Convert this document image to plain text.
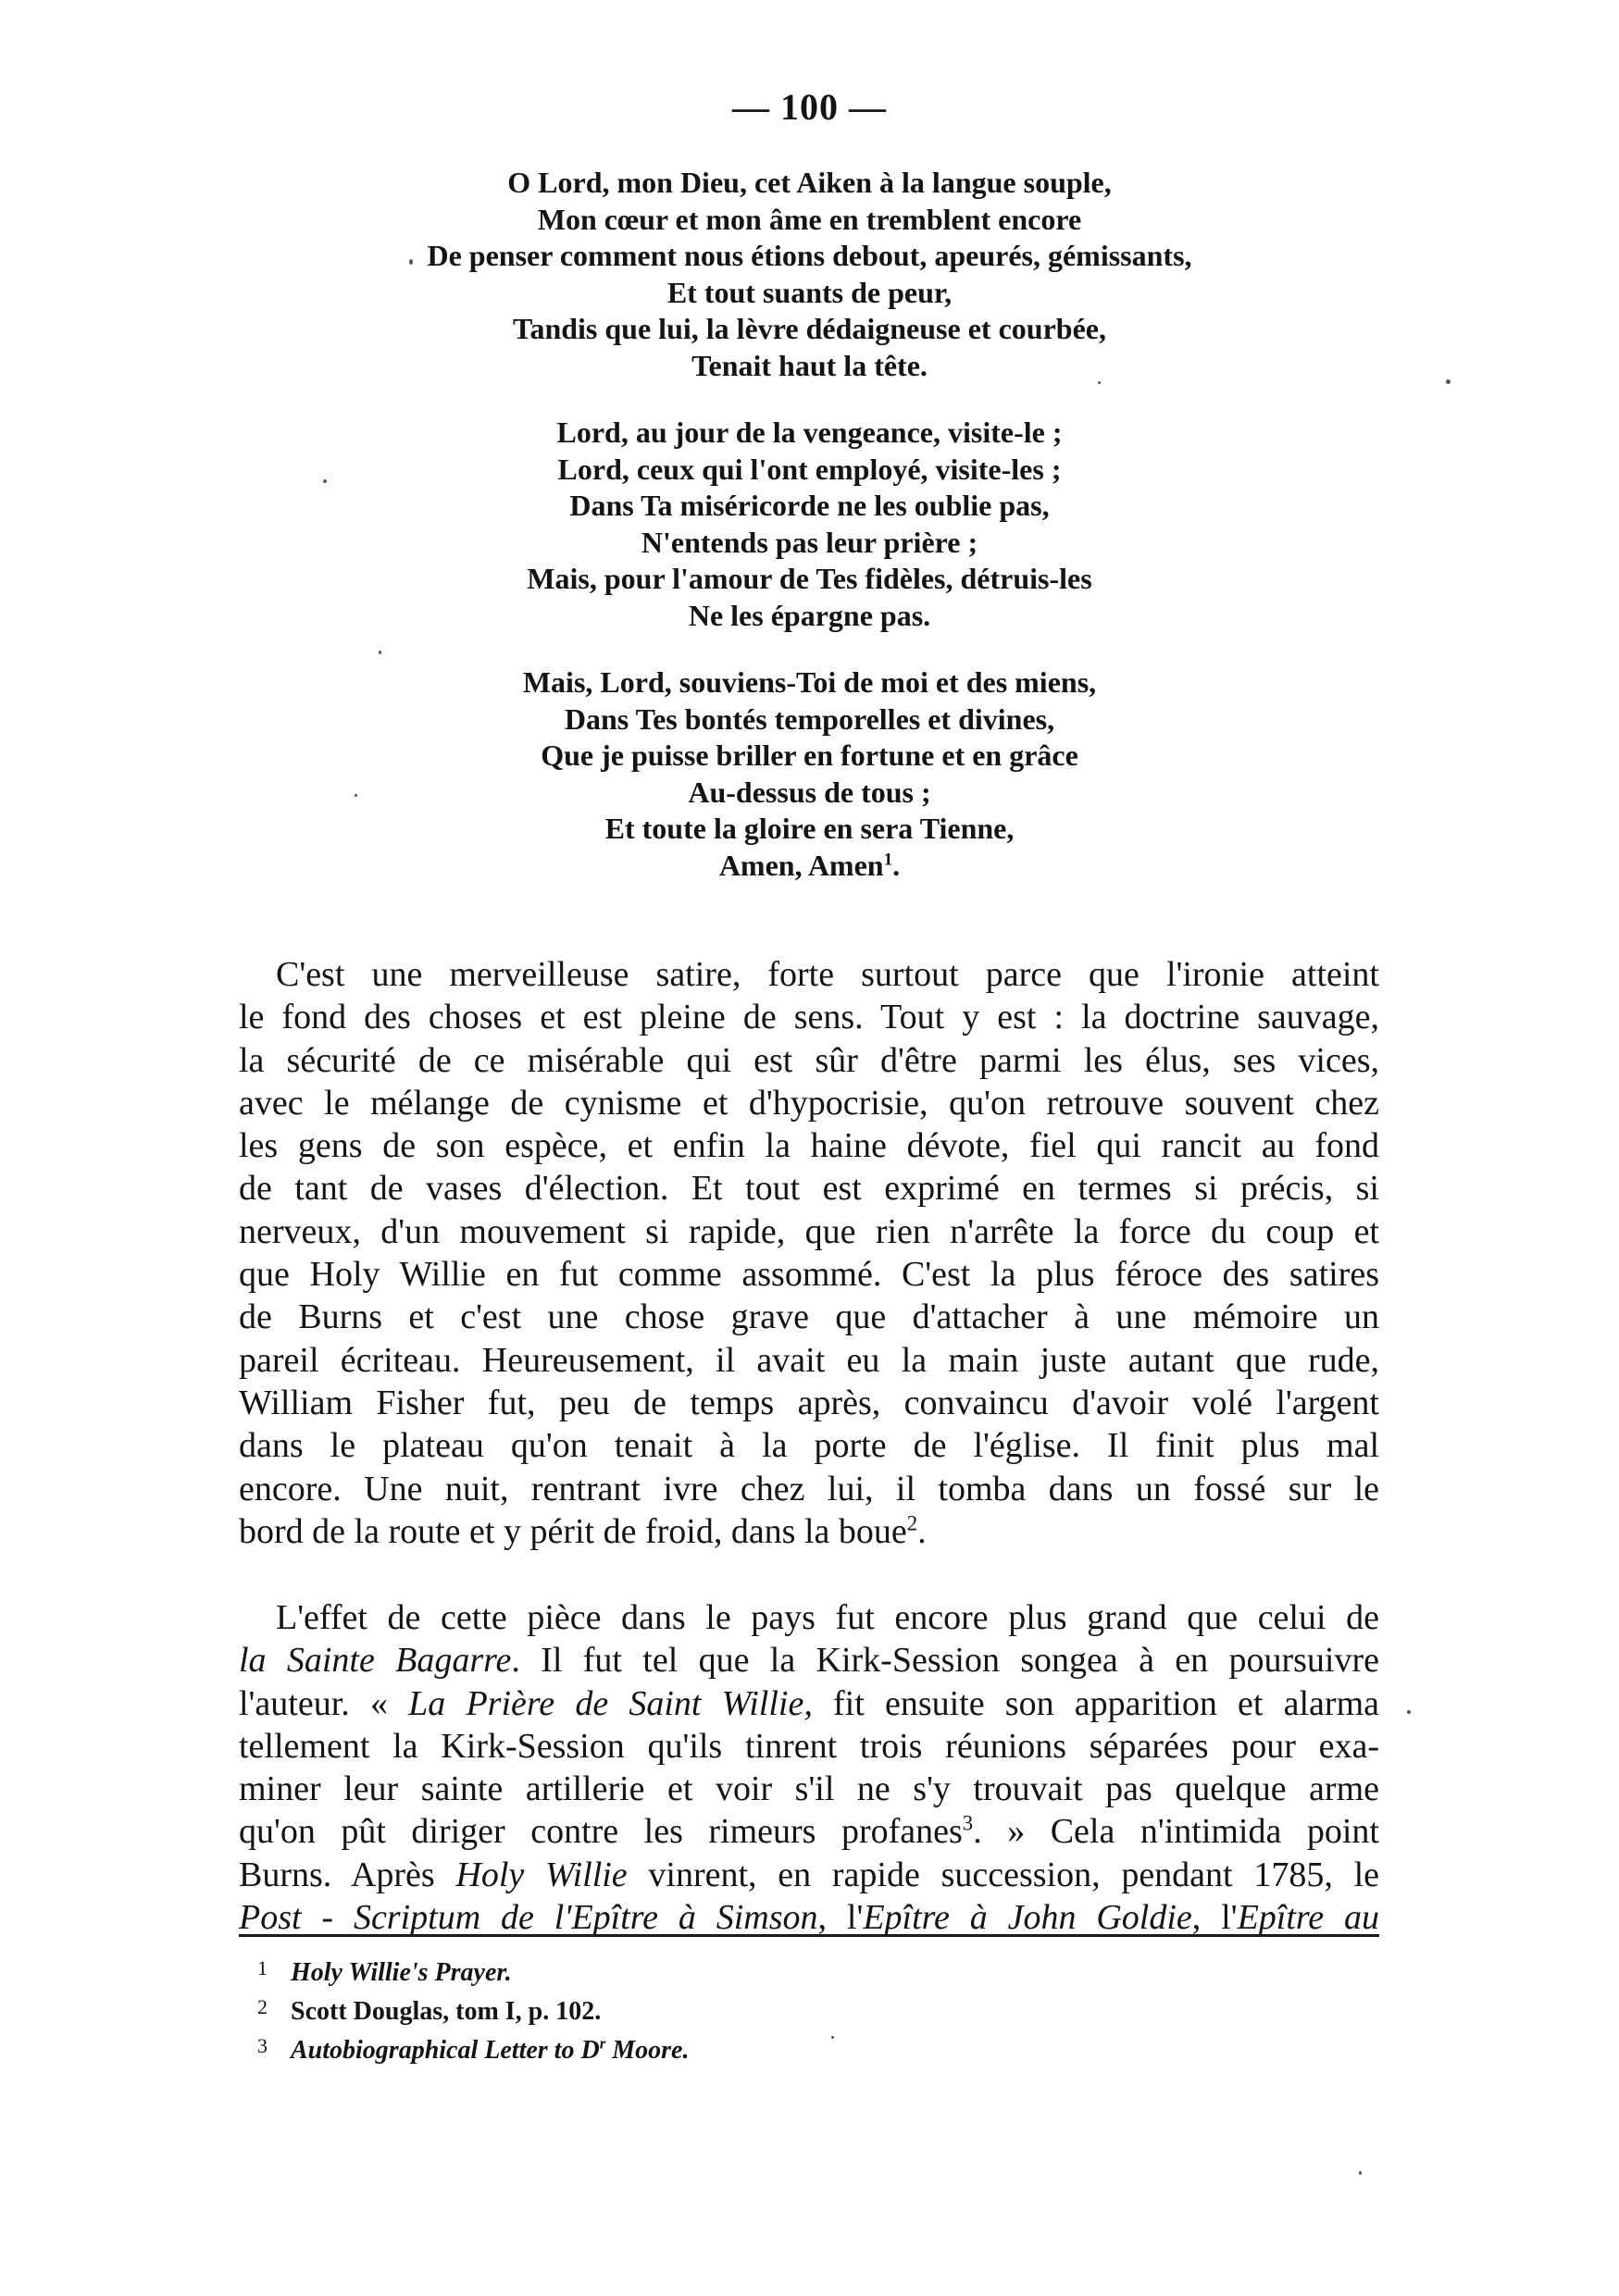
— 100 —
O Lord, mon Dieu, cet Aiken à la langue souple,
Mon cœur et mon âme en tremblent encore
De penser comment nous étions debout, apeurés, gémissants,
Et tout suants de peur,
Tandis que lui, la lèvre dédaigneuse et courbée,
Tenait haut la tête.
Lord, au jour de la vengeance, visite-le ;
Lord, ceux qui l'ont employé, visite-les ;
Dans Ta miséricorde ne les oublie pas,
N'entends pas leur prière ;
Mais, pour l'amour de Tes fidèles, détruis-les
Ne les épargne pas.
Mais, Lord, souviens-Toi de moi et des miens,
Dans Tes bontés temporelles et divines,
Que je puisse briller en fortune et en grâce
Au-dessus de tous ;
Et toute la gloire en sera Tienne,
Amen, Amen$^1$.
C'est une merveilleuse satire, forte surtout parce que l'ironie atteint
le fond des choses et est pleine de sens. Tout y est : la doctrine sauvage,
la sécurité de ce misérable qui est sûr d'être parmi les élus, ses vices,
avec le mélange de cynisme et d'hypocrisie, qu'on retrouve souvent chez
les gens de son espèce, et enfin la haine dévote, fiel qui rancit au fond
de tant de vases d'élection. Et tout est exprimé en termes si précis, si
nerveux, d'un mouvement si rapide, que rien n'arrête la force du coup et
que Holy Willie en fut comme assommé. C'est la plus féroce des satires
de Burns et c'est une chose grave que d'attacher à une mémoire un
pareil écriteau. Heureusement, il avait eu la main juste autant que rude,
William Fisher fut, peu de temps après, convaincu d'avoir volé l'argent
dans le plateau qu'on tenait à la porte de l'église. Il finit plus mal
encore. Une nuit, rentrant ivre chez lui, il tomba dans un fossé sur le
bord de la route et y périt de froid, dans la boue$^2$.
L'effet de cette pièce dans le pays fut encore plus grand que celui de
la Sainte Bagarre. Il fut tel que la Kirk-Session songea à en poursuivre
l'auteur. « La Prière de Saint Willie, fit ensuite son apparition et alarma
tellement la Kirk-Session qu'ils tinrent trois réunions séparées pour exa-
miner leur sainte artillerie et voir s'il ne s'y trouvait pas quelque arme
qu'on pût diriger contre les rimeurs profanes$^3$. » Cela n'intimida point
Burns. Après Holy Willie vinrent, en rapide succession, pendant 1785, le
Post - Scriptum de l'Epître à Simson, l'Epître à John Goldie, l'Epître au
1 Holy Willie's Prayer.
2 Scott Douglas, tom I, p. 102.
3 Autobiographical Letter to D$^r$ Moore.
